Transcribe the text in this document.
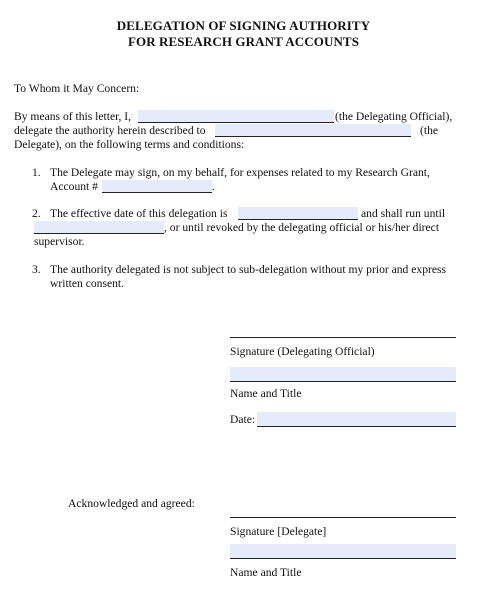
DELEGATION OF SIGNING AUTHORITY
FOR RESEARCH GRANT ACCOUNTS
To Whom it May Concern:
By means of this letter, I,	(the Delegating Official),
delegate the authority herein described to	(the
Delegate), on the following terms and conditions:
1. The Delegate may sign, on my behalf, for expenses related to my Research Grant,
Account #	.
2. The effective date of this delegation is	and shall run until
, or until revoked by the delegating official or his/her direct
supervisor.
3. The authority delegated is not subject to sub-delegation without my prior and express
written consent.
Signature (Delegating Official)
Name and Title
Date:
Acknowledged and agreed:
Signature [Delegate]
Name and Title
